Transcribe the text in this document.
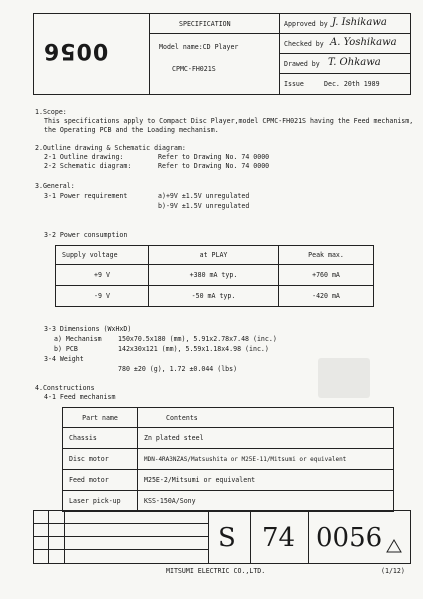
0056
SPECIFICATION
Model name:CD Player
CPMC-FH021S
Approved by J. Ishikawa
Checked by A. Yoshikawa
Drawed by T. Ohkawa
Issue	Dec. 20th 1989
1.Scope:
This specifications apply to Compact Disc Player,model CPMC-FH021S having the Feed mechanism,
the Operating PCB and the Loading mechanism.
2.Outline drawing & Schematic diagram:
2-1 Outline drawing:	Refer to Drawing No. 74 0000
2-2 Schematic diagram:	Refer to Drawing No. 74 0000
3.General:
3-1 Power requirement	a)+9V ±1.5V unregulated
b)-9V ±1.5V unregulated
3-2 Power consumption
Supply voltage	at PLAY	Peak max.
+9 V	+380 mA typ.	+760 mA
-9 V	-50 mA typ.	-420 mA
3-3 Dimensions (WxHxD)
a) Mechanism 150x70.5x180 (mm), 5.91x2.78x7.48 (inc.)
b) PCB	142x30x121 (mm), 5.59x1.18x4.98 (inc.)
3-4 Weight
780 ±20 (g), 1.72 ±0.044 (lbs)
4.Constructions
4-1 Feed mechanism
Part name	Contents
Chassis	Zn plated steel
Disc motor	MDN-4RA3NZAS/Matsushita or M25E-11/Mitsumi or equivalent
Feed motor	M25E-2/Mitsumi or equivalent
Laser pick-up	KSS-150A/Sony
S 74 0056
MITSUMI ELECTRIC CO.,LTD.	(1/12)
